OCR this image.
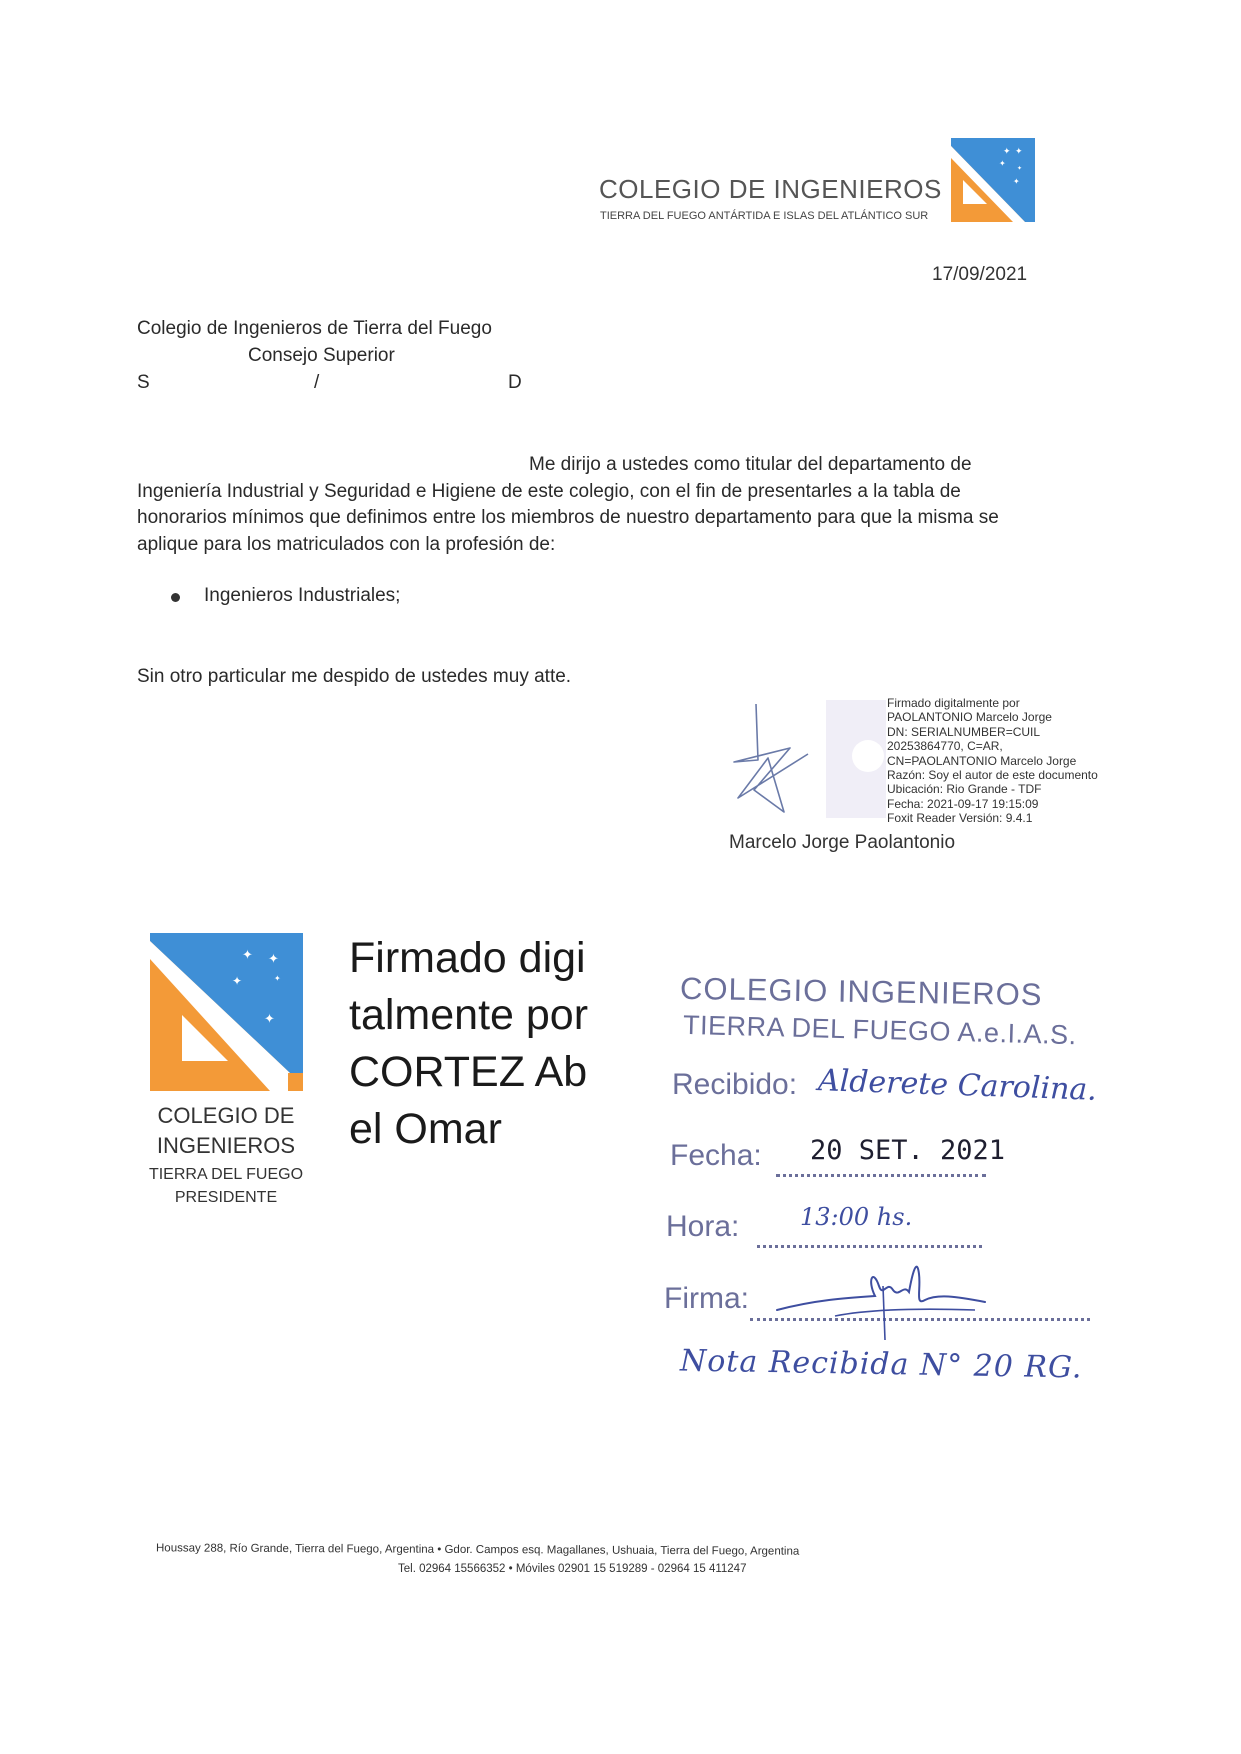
COLEGIO DE INGENIEROS
TIERRA DEL FUEGO ANTÁRTIDA E ISLAS DEL ATLÁNTICO SUR
✦ ✦
✦
✦
✦
17/09/2021
Colegio de Ingenieros de Tierra del Fuego
Consejo Superior
S	/	D

Me dirijo a ustedes como titular del departamento de Ingeniería Industrial y Seguridad e Higiene de este colegio, con el fin de presentarles a la tabla de honorarios mínimos que definimos entre los miembros de nuestro departamento para que la misma se aplique para los matriculados con la profesión de:

Ingenieros Industriales;
Sin otro particular me despido de ustedes muy atte.
Firmado digitalmente por
PAOLANTONIO Marcelo Jorge
DN: SERIALNUMBER=CUIL
20253864770, C=AR,
CN=PAOLANTONIO Marcelo Jorge
Razón: Soy el autor de este documento
Ubicación: Rio Grande - TDF
Fecha: 2021-09-17 19:15:09
Foxit Reader Versión: 9.4.1
Marcelo Jorge Paolantonio
✦ ✦
✦	✦
✦
COLEGIO DE
INGENIEROS
TIERRA DEL FUEGO
PRESIDENTE

Firmado digitalmente por CORTEZ Abel Omar

COLEGIO INGENIEROS
TIERRA DEL FUEGO A.e.I.A.S.
Recibido: Alderete Carolina.
Fecha: 20 SET. 2021
Hora:	13:00 hs.
Firma:
Nota Recibida N° 20 RG.
Houssay 288, Río Grande, Tierra del Fuego, Argentina • Gdor. Campos esq. Magallanes, Ushuaia, Tierra del Fuego, Argentina
Tel. 02964 15566352 • Móviles 02901 15 519289 - 02964 15 411247
